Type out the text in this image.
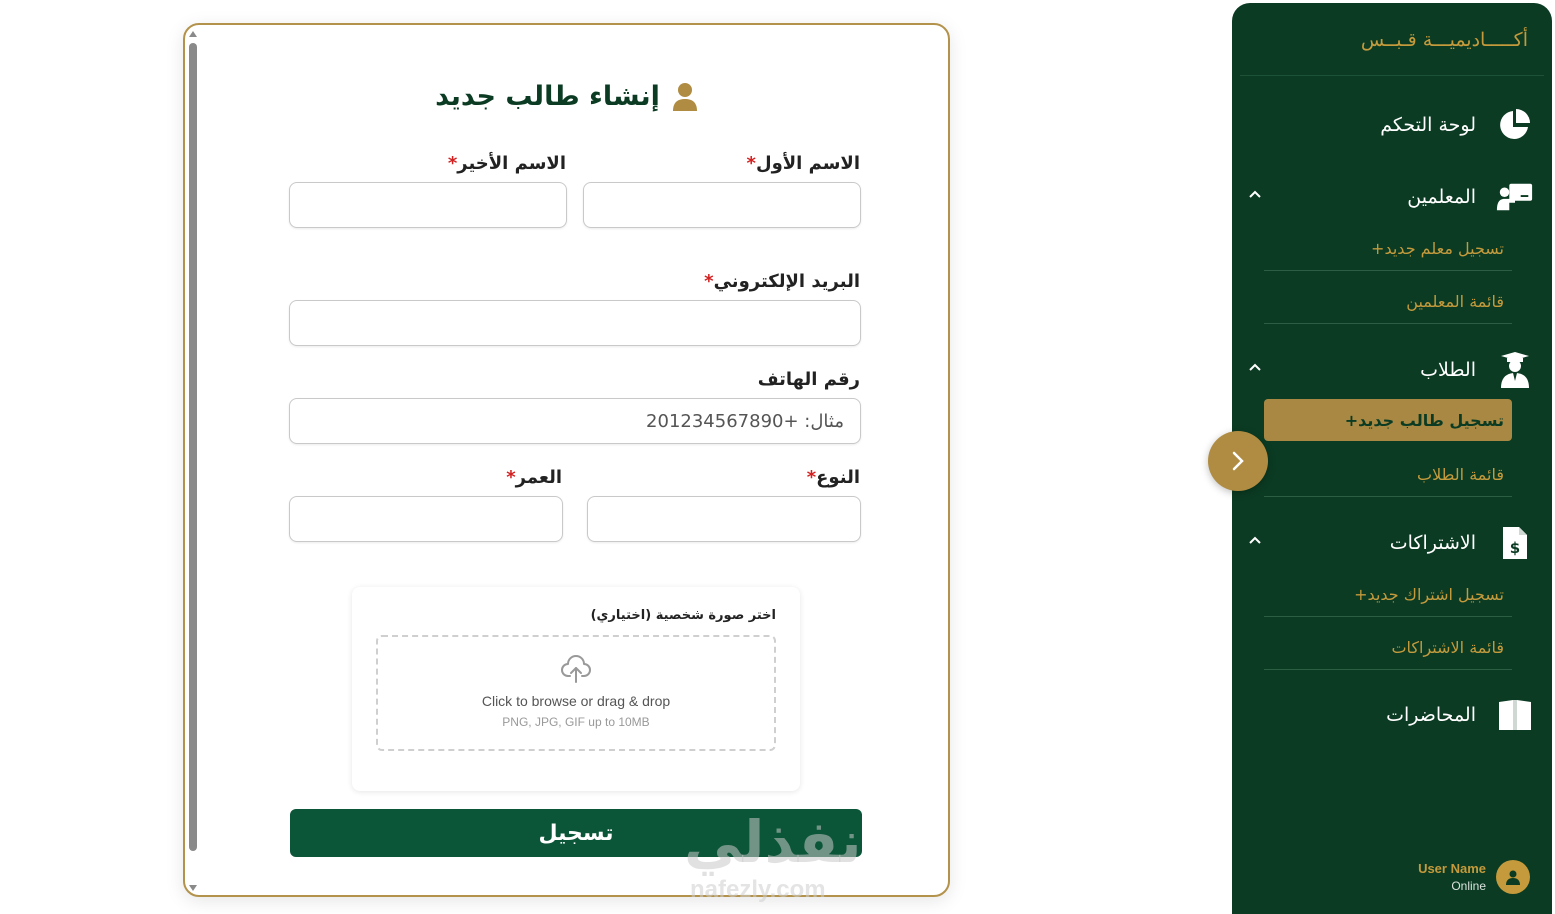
إنشاء طالب جديد
الاسم الأول*
الاسم الأخير*
البريد الإلكتروني*
رقم الهاتف
مثال: +201234567890
النوع*
العمر*
اختر صورة شخصية (اختياري)
Click to browse or drag & drop
PNG, JPG, GIF up to 10MB
تسجيل	نفذلي
nafezly.com
أكـــــاديميـــة قـبــس
لوحة التحكم
المعلمين
تسجيل معلم جديد+
قائمة المعلمين
الطلاب
تسجيل طالب جديد+
قائمة الطلاب
$
الاشتراكات
تسجيل اشتراك جديد+
قائمة الاشتراكات
المحاضرات
User Name
Online
